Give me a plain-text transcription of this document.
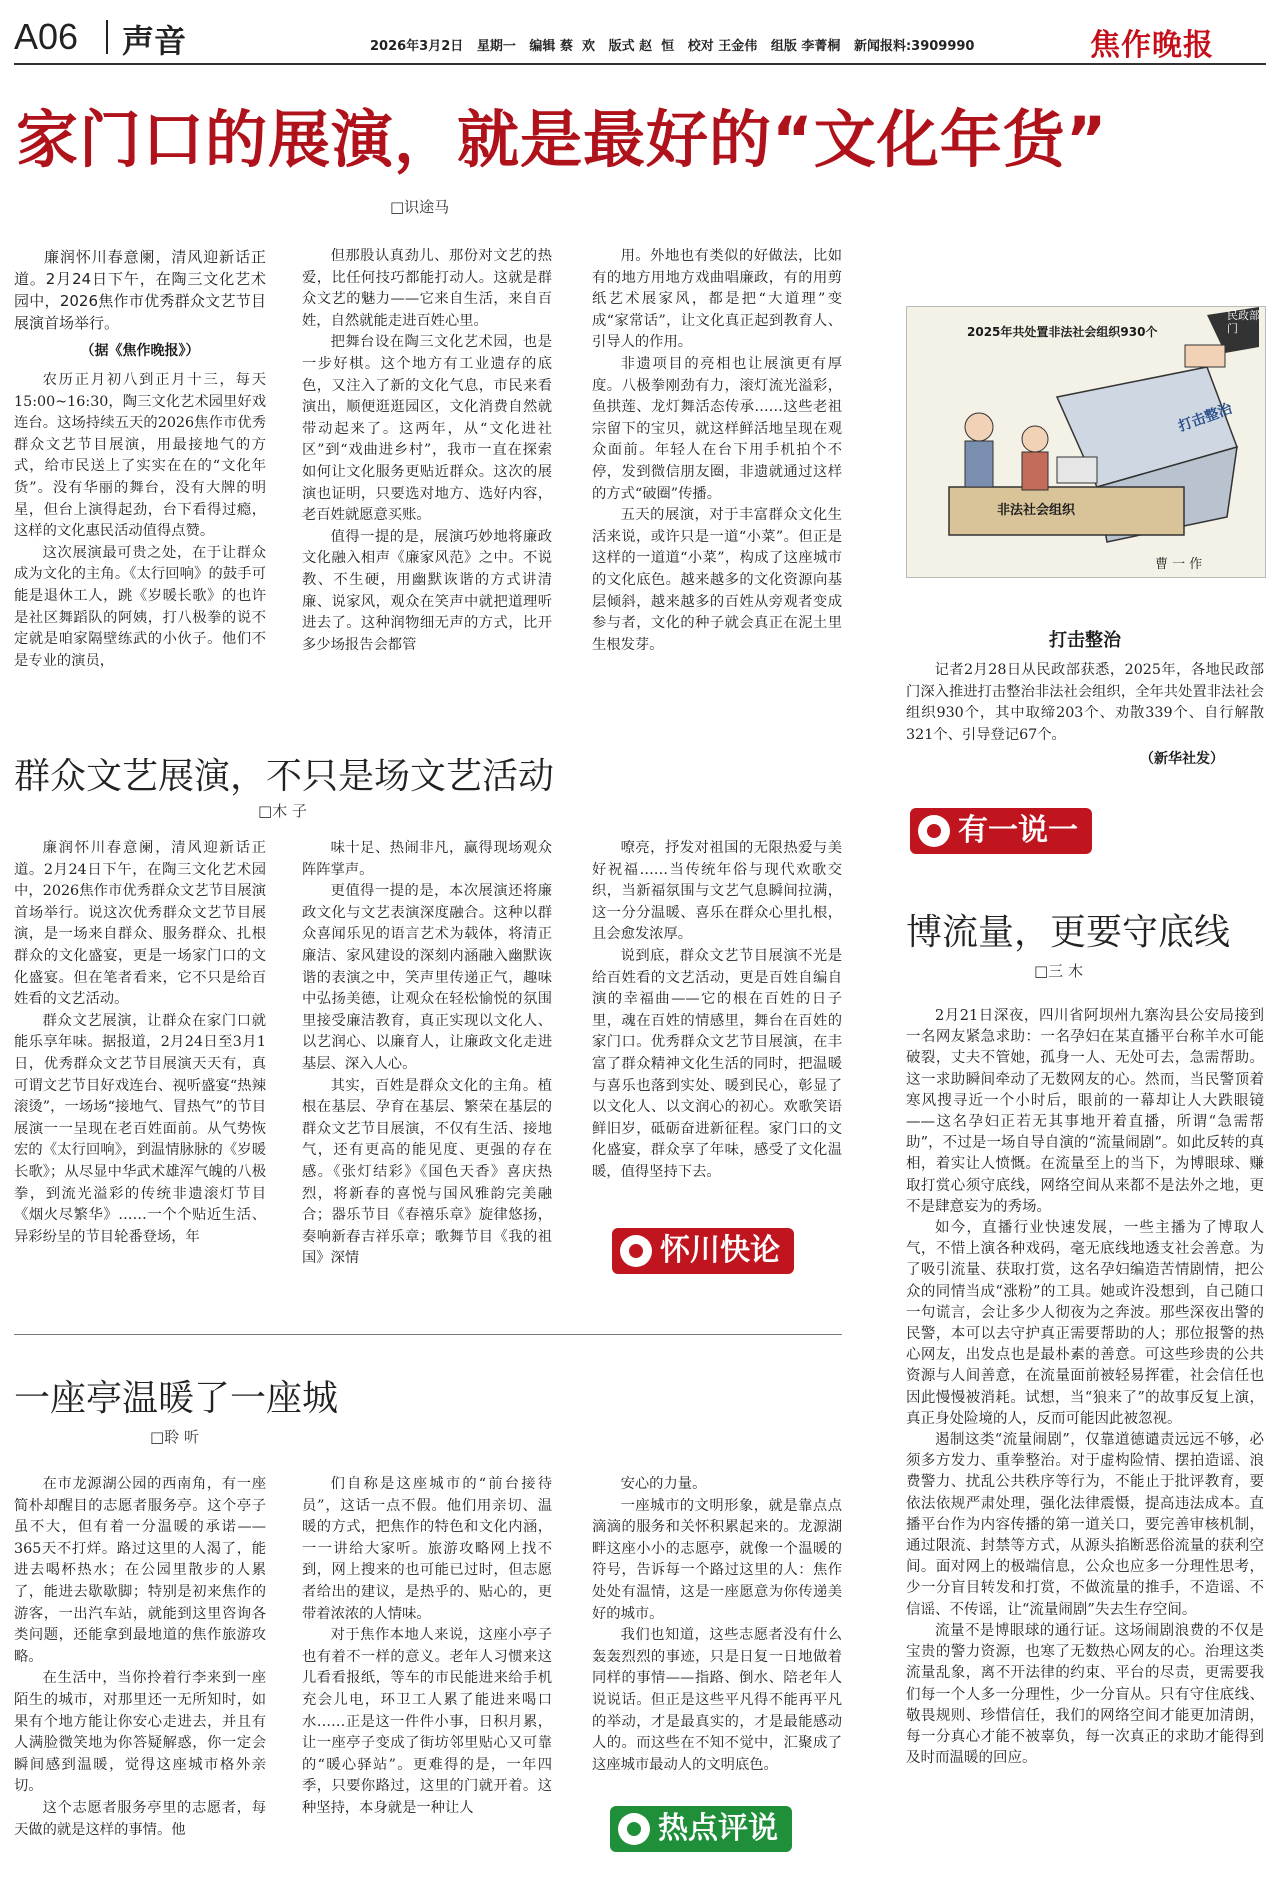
A06 声音	2026年3月2日   星期一   编辑 蔡  欢   版式 赵  恒   校对 王金伟   组版 李菁桐   新闻报料:3909990	焦作晚报
家门口的展演，就是最好的“文化年货”
□识途马
廉润怀川春意阑，清风迎新话正道。2月24日下午，在陶三文化艺术园中，2026焦作市优秀群众文艺节目展演首场举行。
（据《焦作晚报》）

农历正月初八到正月十三，每天15:00~16:30，陶三文化艺术园里好戏连台。这场持续五天的2026焦作市优秀群众文艺节目展演，用最接地气的方式，给市民送上了实实在在的“文化年货”。没有华丽的舞台，没有大牌的明星，但台上演得起劲，台下看得过瘾，这样的文化惠民活动值得点赞。

这次展演最可贵之处，在于让群众成为文化的主角。《太行回响》的鼓手可能是退休工人，跳《岁暖长歌》的也许是社区舞蹈队的阿姨，打八极拳的说不定就是咱家隔壁练武的小伙子。他们不是专业的演员，

但那股认真劲儿、那份对文艺的热爱，比任何技巧都能打动人。这就是群众文艺的魅力——它来自生活，来自百姓，自然就能走进百姓心里。

把舞台设在陶三文化艺术园，也是一步好棋。这个地方有工业遗存的底色，又注入了新的文化气息，市民来看演出，顺便逛逛园区，文化消费自然就带动起来了。这两年，从“文化进社区”到“戏曲进乡村”，我市一直在探索如何让文化服务更贴近群众。这次的展演也证明，只要选对地方、选好内容，老百姓就愿意买账。

值得一提的是，展演巧妙地将廉政文化融入相声《廉家风范》之中。不说教、不生硬，用幽默诙谐的方式讲清廉、说家风，观众在笑声中就把道理听进去了。这种润物细无声的方式，比开多少场报告会都管

用。外地也有类似的好做法，比如有的地方用地方戏曲唱廉政，有的用剪纸艺术展家风，都是把“大道理”变成“家常话”，让文化真正起到教育人、引导人的作用。

非遗项目的亮相也让展演更有厚度。八极拳刚劲有力，滚灯流光溢彩，鱼拱莲、龙灯舞活态传承……这些老祖宗留下的宝贝，就这样鲜活地呈现在观众面前。年轻人在台下用手机拍个不停，发到微信朋友圈，非遗就通过这样的方式“破圈”传播。

五天的展演，对于丰富群众文化生活来说，或许只是一道“小菜”。但正是这样的一道道“小菜”，构成了这座城市的文化底色。越来越多的文化资源向基层倾斜，越来越多的百姓从旁观者变成参与者，文化的种子就会真正在泥土里生根发芽。

2025年共处置非法社会组织930个
民政部门
打击整治
非法社会组织
曹 一 作
打击整治
记者2月28日从民政部获悉，2025年，各地民政部门深入推进打击整治非法社会组织，全年共处置非法社会组织930个，其中取缔203个、劝散339个、自行解散321个、引导登记67个。
（新华社发）
有一说一
群众文艺展演，不只是场文艺活动
□木 子

廉润怀川春意阑，清风迎新话正道。2月24日下午，在陶三文化艺术园中，2026焦作市优秀群众文艺节目展演首场举行。说这次优秀群众文艺节目展演，是一场来自群众、服务群众、扎根群众的文化盛宴，更是一场家门口的文化盛宴。但在笔者看来，它不只是给百姓看的文艺活动。

群众文艺展演，让群众在家门口就能乐享年味。据报道，2月24日至3月1日，优秀群众文艺节目展演天天有，真可谓文艺节目好戏连台、视听盛宴“热辣滚烫”，一场场“接地气、冒热气”的节目展演一一呈现在老百姓面前。从气势恢宏的《太行回响》，到温情脉脉的《岁暖长歌》；从尽显中华武术雄浑气魄的八极拳，到流光溢彩的传统非遗滚灯节目《烟火尽繁华》……一个个贴近生活、异彩纷呈的节目轮番登场，年

味十足、热闹非凡，赢得现场观众阵阵掌声。

更值得一提的是，本次展演还将廉政文化与文艺表演深度融合。这种以群众喜闻乐见的语言艺术为载体，将清正廉洁、家风建设的深刻内涵融入幽默诙谐的表演之中，笑声里传递正气，趣味中弘扬美德，让观众在轻松愉悦的氛围里接受廉洁教育，真正实现以文化人、以艺润心、以廉育人，让廉政文化走进基层、深入人心。

其实，百姓是群众文化的主角。植根在基层、孕育在基层、繁荣在基层的群众文艺节目展演，不仅有生活、接地气，还有更高的能见度、更强的存在感。《张灯结彩》《国色天香》喜庆热烈，将新春的喜悦与国风雅韵完美融合；器乐节目《春禧乐章》旋律悠扬，奏响新春吉祥乐章；歌舞节目《我的祖国》深情

嘹亮，抒发对祖国的无限热爱与美好祝福……当传统年俗与现代欢歌交织，当新福氛围与文艺气息瞬间拉满，这一分分温暖、喜乐在群众心里扎根，且会愈发浓厚。

说到底，群众文艺节目展演不光是给百姓看的文艺活动，更是百姓自编自演的幸福曲——它的根在百姓的日子里，魂在百姓的情感里，舞台在百姓的家门口。优秀群众文艺节目展演，在丰富了群众精神文化生活的同时，把温暖与喜乐也落到实处、暖到民心，彰显了以文化人、以文润心的初心。欢歌笑语鲜旧岁，砥砺奋进新征程。家门口的文化盛宴，群众享了年味，感受了文化温暖，值得坚持下去。

怀川快论
一座亭温暖了一座城
□聆 听

在市龙源湖公园的西南角，有一座简朴却醒目的志愿者服务亭。这个亭子虽不大，但有着一分温暖的承诺——365天不打烊。路过这里的人渴了，能进去喝杯热水；在公园里散步的人累了，能进去歇歇脚；特别是初来焦作的游客，一出汽车站，就能到这里咨询各类问题，还能拿到最地道的焦作旅游攻略。

在生活中，当你拎着行李来到一座陌生的城市，对那里还一无所知时，如果有个地方能让你安心走进去，并且有人满脸微笑地为你答疑解惑，你一定会瞬间感到温暖，觉得这座城市格外亲切。

这个志愿者服务亭里的志愿者，每天做的就是这样的事情。他

们自称是这座城市的“前台接待员”，这话一点不假。他们用亲切、温暖的方式，把焦作的特色和文化内涵，一一讲给大家听。旅游攻略网上找不到，网上搜来的也可能已过时，但志愿者给出的建议，是热乎的、贴心的，更带着浓浓的人情味。

对于焦作本地人来说，这座小亭子也有着不一样的意义。老年人习惯来这儿看看报纸，等车的市民能进来给手机充会儿电，环卫工人累了能进来喝口水……正是这一件件小事，日积月累，让一座亭子变成了街坊邻里贴心又可靠的“暖心驿站”。更难得的是，一年四季，只要你路过，这里的门就开着。这种坚持，本身就是一种让人

安心的力量。

一座城市的文明形象，就是靠点点滴滴的服务和关怀积累起来的。龙源湖畔这座小小的志愿亭，就像一个温暖的符号，告诉每一个路过这里的人：焦作处处有温情，这是一座愿意为你传递美好的城市。

我们也知道，这些志愿者没有什么轰轰烈烈的事迹，只是日复一日地做着同样的事情——指路、倒水、陪老年人说说话。但正是这些平凡得不能再平凡的举动，才是最真实的，才是最能感动人的。而这些在不知不觉中，汇聚成了这座城市最动人的文明底色。

热点评说
博流量，更要守底线
□三 木

2月21日深夜，四川省阿坝州九寨沟县公安局接到一名网友紧急求助：一名孕妇在某直播平台称羊水可能破裂，丈夫不管她，孤身一人、无处可去，急需帮助。这一求助瞬间牵动了无数网友的心。然而，当民警顶着寒风搜寻近一个小时后，眼前的一幕却让人大跌眼镜——这名孕妇正若无其事地开着直播，所谓“急需帮助”，不过是一场自导自演的“流量闹剧”。如此反转的真相，着实让人愤慨。在流量至上的当下，为博眼球、赚取打赏心须守底线，网络空间从来都不是法外之地，更不是肆意妄为的秀场。

如今，直播行业快速发展，一些主播为了博取人气，不惜上演各种戏码，毫无底线地透支社会善意。为了吸引流量、获取打赏，这名孕妇编造苦情剧情，把公众的同情当成“涨粉”的工具。她或许没想到，自己随口一句谎言，会让多少人彻夜为之奔波。那些深夜出警的民警，本可以去守护真正需要帮助的人；那位报警的热心网友，出发点也是最朴素的善意。可这些珍贵的公共资源与人间善意，在流量面前被轻易挥霍，社会信任也因此慢慢被消耗。试想，当“狼来了”的故事反复上演，真正身处险境的人，反而可能因此被忽视。

遏制这类“流量闹剧”，仅靠道德谴责远远不够，必须多方发力、重拳整治。对于虚构险情、摆拍造谣、浪费警力、扰乱公共秩序等行为，不能止于批评教育，要依法依规严肃处理，强化法律震慑，提高违法成本。直播平台作为内容传播的第一道关口，要完善审核机制，通过限流、封禁等方式，从源头掐断恶俗流量的获利空间。面对网上的极端信息，公众也应多一分理性思考，少一分盲目转发和打赏，不做流量的推手，不造谣、不信谣、不传谣，让“流量闹剧”失去生存空间。

流量不是博眼球的通行证。这场闹剧浪费的不仅是宝贵的警力资源，也寒了无数热心网友的心。治理这类流量乱象，离不开法律的约束、平台的尽责，更需要我们每一个人多一分理性，少一分盲从。只有守住底线、敬畏规则、珍惜信任，我们的网络空间才能更加清朗，每一分真心才能不被辜负，每一次真正的求助才能得到及时而温暖的回应。
